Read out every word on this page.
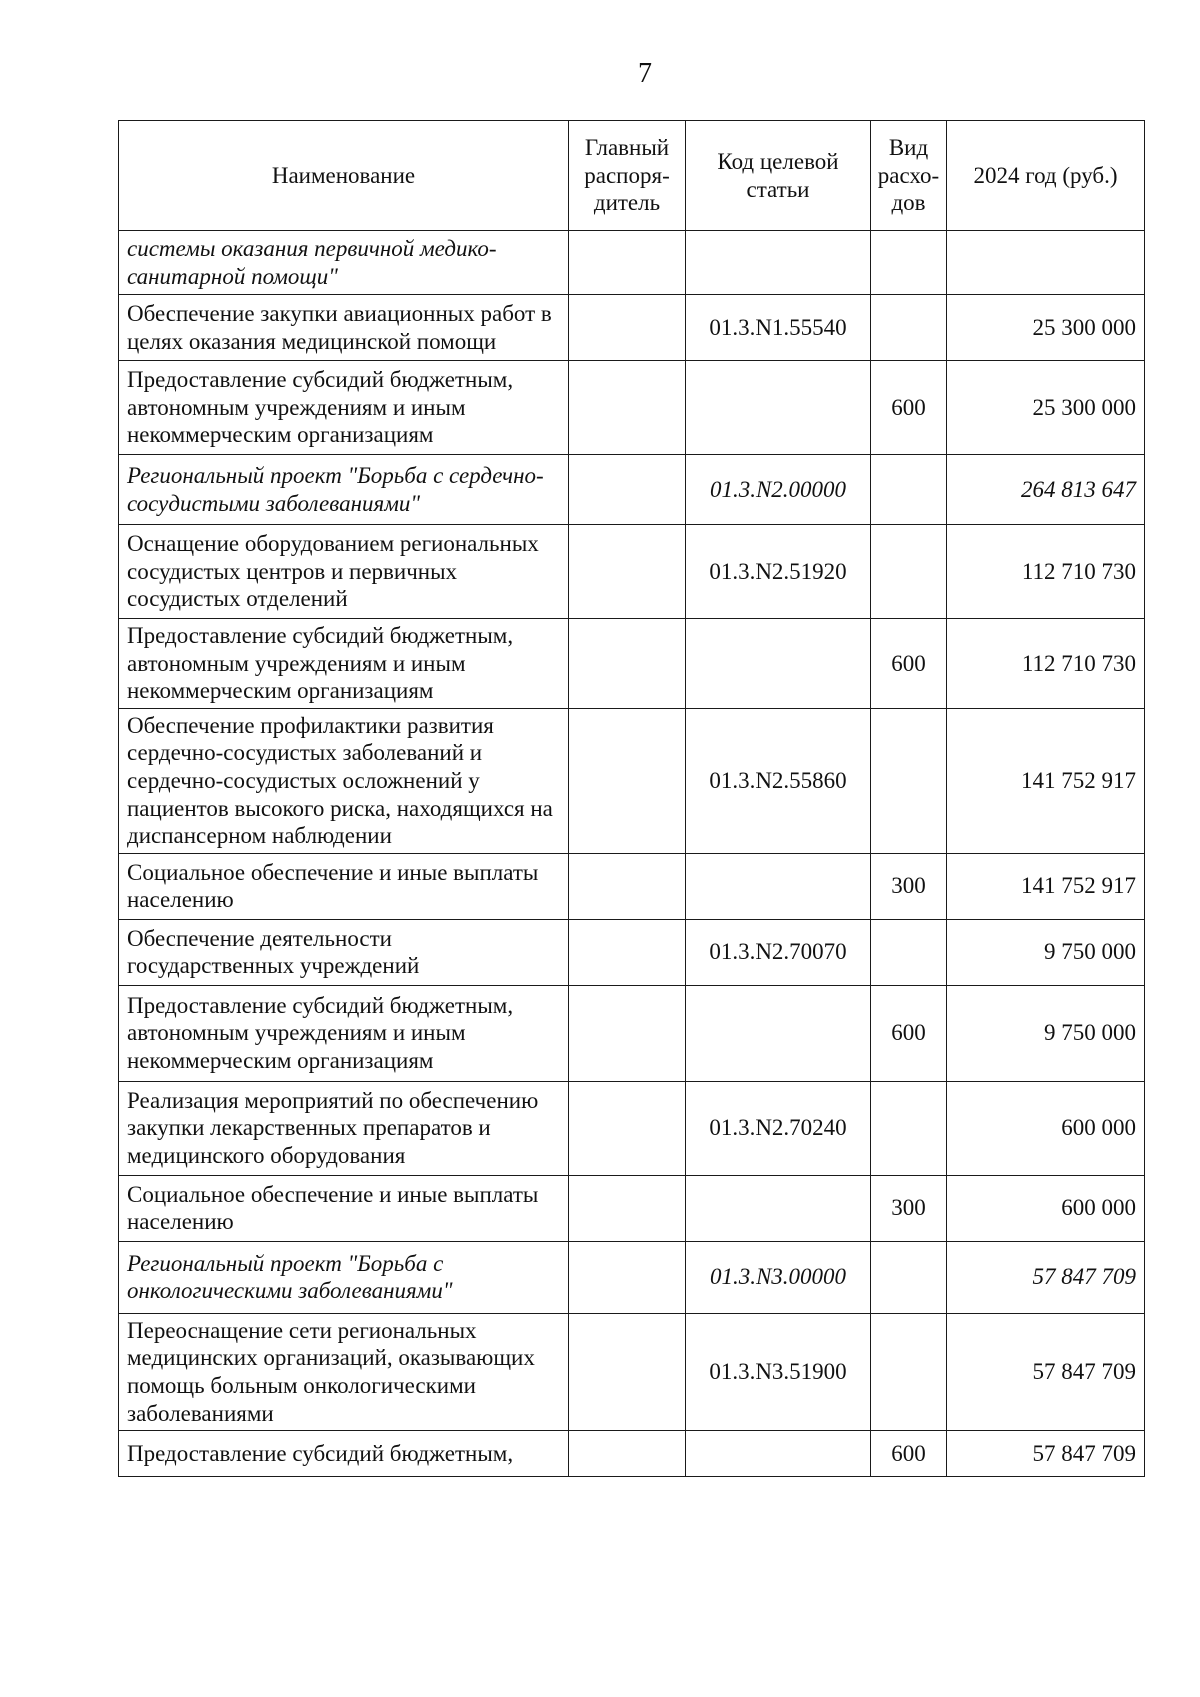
7
Наименование	Главный распоря-дитель	Код целевой статьи	Вид расхо-дов	2024 год (руб.)
системы оказания первичной медико-санитарной помощи"				
Обеспечение закупки авиационных работ в целях оказания медицинской помощи		01.3.N1.55540		25 300 000
Предоставление субсидий бюджетным, автономным учреждениям и иным некоммерческим организациям			600	25 300 000
Региональный проект "Борьба с сердечно-сосудистыми заболеваниями"		01.3.N2.00000		264 813 647
Оснащение оборудованием региональных сосудистых центров и первичных сосудистых отделений		01.3.N2.51920		112 710 730
Предоставление субсидий бюджетным, автономным учреждениям и иным некоммерческим организациям			600	112 710 730
Обеспечение профилактики развития сердечно-сосудистых заболеваний и сердечно-сосудистых осложнений у пациентов высокого риска, находящихся на диспансерном наблюдении		01.3.N2.55860		141 752 917
Социальное обеспечение и иные выплаты населению			300	141 752 917
Обеспечение деятельности государственных учреждений		01.3.N2.70070		9 750 000
Предоставление субсидий бюджетным, автономным учреждениям и иным некоммерческим организациям			600	9 750 000
Реализация мероприятий по обеспечению закупки лекарственных препаратов и медицинского оборудования		01.3.N2.70240		600 000
Социальное обеспечение и иные выплаты населению			300	600 000
Региональный проект "Борьба с онкологическими заболеваниями"		01.3.N3.00000		57 847 709
Переоснащение сети региональных медицинских организаций, оказывающих помощь больным онкологическими заболеваниями		01.3.N3.51900		57 847 709
Предоставление субсидий бюджетным,			600	57 847 709
